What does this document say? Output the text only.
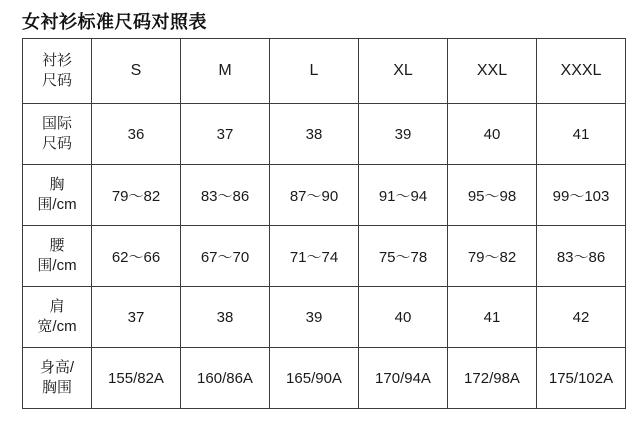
女衬衫标准尺码对照表
衬衫
尺码	S	M	L	XL	XXL	XXXL

国际
尺码	36	37	38	39	40	41

胸
围/cm	79～82	83～86	87～90	91～94	95～98	99～103

腰
围/cm	62～66	67～70	71～74	75～78	79～82	83～86

肩
宽/cm	37	38	39	40	41	42

身高/
胸围	155/82A	160/86A	165/90A	170/94A	172/98A	175/102A
